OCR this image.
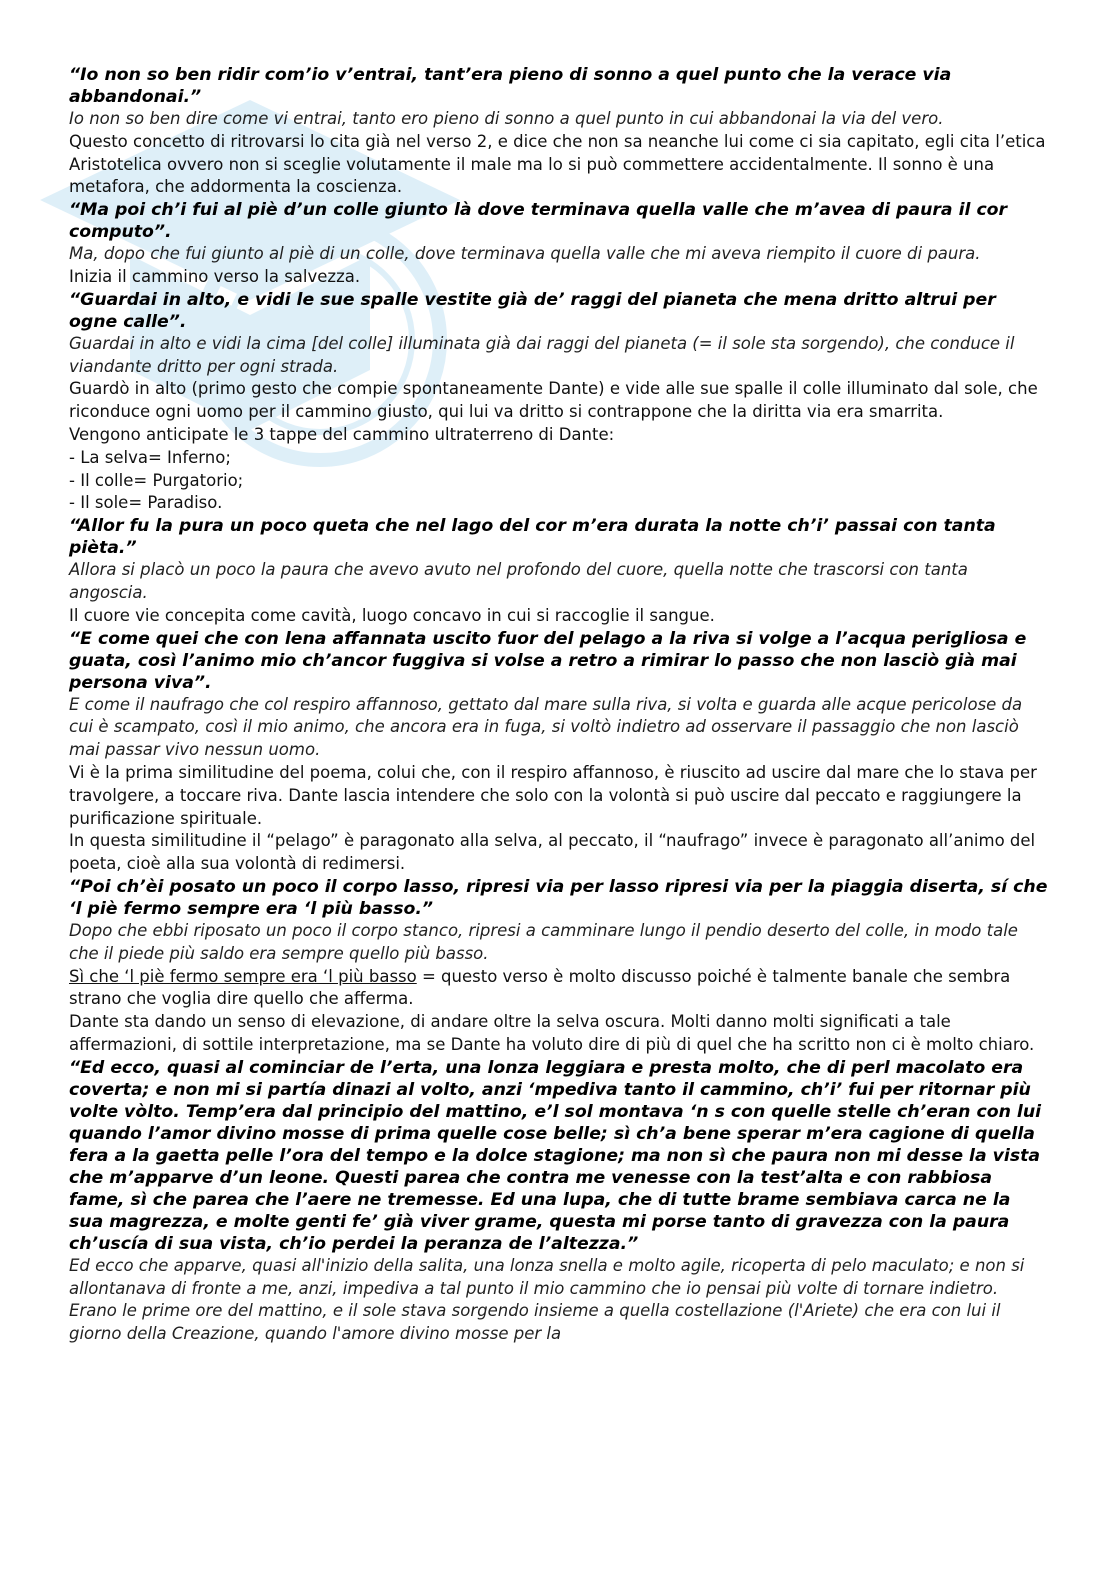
“Io non so ben ridir com’io v’entrai, tant’era pieno di sonno a quel punto che la verace via abbandonai.”

Io non so ben dire come vi entrai, tanto ero pieno di sonno a quel punto in cui abbandonai la via del vero.

Questo concetto di ritrovarsi lo cita già nel verso 2, e dice che non sa neanche lui come ci sia capitato, egli cita l’etica Aristotelica ovvero non si sceglie volutamente il male ma lo si può commettere accidentalmente. Il sonno è una metafora, che addormenta la coscienza.

“Ma poi ch’i fui al piè d’un colle giunto là dove terminava quella valle che m’avea di paura il cor computo”.

Ma, dopo che fui giunto al piè di un colle, dove terminava quella valle che mi aveva riempito il cuore di paura.

Inizia il cammino verso la salvezza.

“Guardai in alto, e vidi le sue spalle vestite già de’ raggi del pianeta che mena dritto altrui per ogne calle”.

Guardai in alto e vidi la cima [del colle] illuminata già dai raggi del pianeta (= il sole sta sorgendo), che conduce il viandante dritto per ogni strada.

Guardò in alto (primo gesto che compie spontaneamente Dante) e vide alle sue spalle il colle illuminato dal sole, che riconduce ogni uomo per il cammino giusto, qui lui va dritto si contrappone che la diritta via era smarrita.

Vengono anticipate le 3 tappe del cammino ultraterreno di Dante:

- La selva= Inferno;

- Il colle= Purgatorio;

- Il sole= Paradiso.

“Allor fu la pura un poco queta che nel lago del cor m’era durata la notte ch’i’ passai con tanta pièta.”

Allora si placò un poco la paura che avevo avuto nel profondo del cuore, quella notte che trascorsi con tanta angoscia.

Il cuore vie concepita come cavità, luogo concavo in cui si raccoglie il sangue.

“E come quei che con lena affannata uscito fuor del pelago a la riva si volge a l’acqua perigliosa e guata, così l’animo mio ch’ancor fuggiva si volse a retro a rimirar lo passo che non lasciò già mai persona viva”.

E come il naufrago che col respiro affannoso, gettato dal mare sulla riva, si volta e guarda alle acque pericolose da cui è scampato, così il mio animo, che ancora era in fuga, si voltò indietro ad osservare il passaggio che non lasciò mai passar vivo nessun uomo.

Vi è la prima similitudine del poema, colui che, con il respiro affannoso, è riuscito ad uscire dal mare che lo stava per travolgere, a toccare riva. Dante lascia intendere che solo con la volontà si può uscire dal peccato e raggiungere la purificazione spirituale.

In questa similitudine il “pelago” è paragonato alla selva, al peccato, il “naufrago” invece è paragonato all’animo del poeta, cioè alla sua volontà di redimersi.

“Poi ch’èi posato un poco il corpo lasso, ripresi via per lasso ripresi via per la piaggia diserta, sí che ‘l piè fermo sempre era ‘l più basso.”

Dopo che ebbi riposato un poco il corpo stanco, ripresi a camminare lungo il pendio deserto del colle, in modo tale che il piede più saldo era sempre quello più basso.

Sì che ‘l piè fermo sempre era ‘l più basso = questo verso è molto discusso poiché è talmente banale che sembra strano che voglia dire quello che afferma.

Dante sta dando un senso di elevazione, di andare oltre la selva oscura. Molti danno molti significati a tale affermazioni, di sottile interpretazione, ma se Dante ha voluto dire di più di quel che ha scritto non ci è molto chiaro.

“Ed ecco, quasi al cominciar de l’erta, una lonza leggiara e presta molto, che di perl macolato era coverta; e non mi si partía dinazi al volto, anzi ‘mpediva tanto il cammino, ch’i’ fui per ritornar più volte vòlto. Temp’era dal principio del mattino, e’l sol montava ‘n s con quelle stelle ch’eran con lui quando l’amor divino mosse di prima quelle cose belle; sì ch’a bene sperar m’era cagione di quella fera a la gaetta pelle l’ora del tempo e la dolce stagione; ma non sì che paura non mi desse la vista che m’apparve d’un leone. Questi parea che contra me venesse con la test’alta e con rabbiosa fame, sì che parea che l’aere ne tremesse. Ed una lupa, che di tutte brame sembiava carca ne la sua magrezza, e molte genti fe’ già viver grame, questa mi porse tanto di gravezza con la paura ch’uscía di sua vista, ch’io perdei la peranza de l’altezza.”

Ed ecco che apparve, quasi all'inizio della salita, una lonza snella e molto agile, ricoperta di pelo maculato; e non si allontanava di fronte a me, anzi, impediva a tal punto il mio cammino che io pensai più volte di tornare indietro. Erano le prime ore del mattino, e il sole stava sorgendo insieme a quella costellazione (l'Ariete) che era con lui il giorno della Creazione, quando l'amore divino mosse per la
